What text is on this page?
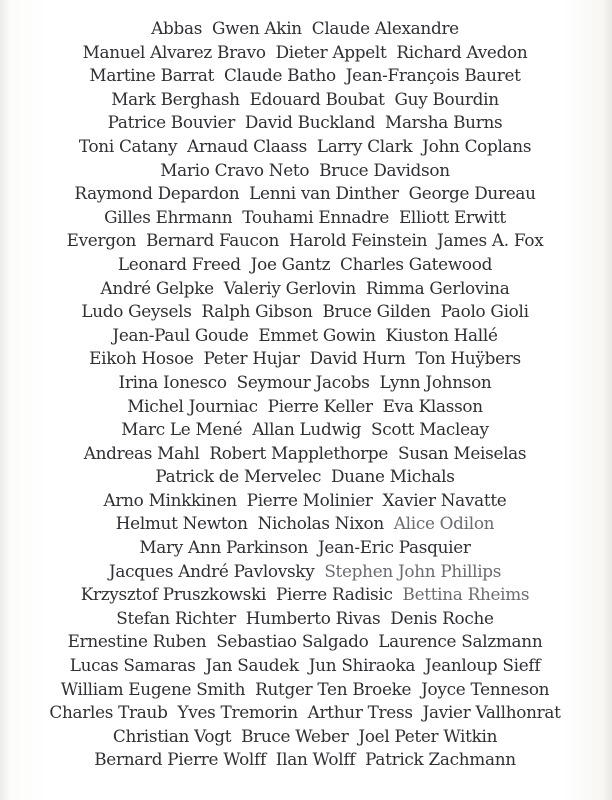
Abbas Gwen Akin Claude Alexandre
Manuel Alvarez Bravo Dieter Appelt Richard Avedon
Martine Barrat Claude Batho Jean-François Bauret
Mark Berghash Edouard Boubat Guy Bourdin
Patrice Bouvier David Buckland Marsha Burns
Toni Catany Arnaud Claass Larry Clark John Coplans
Mario Cravo Neto Bruce Davidson
Raymond Depardon Lenni van Dinther George Dureau
Gilles Ehrmann Touhami Ennadre Elliott Erwitt
Evergon Bernard Faucon Harold Feinstein James A. Fox
Leonard Freed Joe Gantz Charles Gatewood
André Gelpke Valeriy Gerlovin Rimma Gerlovina
Ludo Geysels Ralph Gibson Bruce Gilden Paolo Gioli
Jean-Paul Goude Emmet Gowin Kiuston Hallé
Eikoh Hosoe Peter Hujar David Hurn Ton Huÿbers
Irina Ionesco Seymour Jacobs Lynn Johnson
Michel Journiac Pierre Keller Eva Klasson
Marc Le Mené Allan Ludwig Scott Macleay
Andreas Mahl Robert Mapplethorpe Susan Meiselas
Patrick de Mervelec Duane Michals
Arno Minkkinen Pierre Molinier Xavier Navatte
Helmut Newton Nicholas Nixon Alice Odilon
Mary Ann Parkinson Jean-Eric Pasquier
Jacques André Pavlovsky Stephen John Phillips
Krzysztof Pruszkowski Pierre Radisic Bettina Rheims
Stefan Richter Humberto Rivas Denis Roche
Ernestine Ruben Sebastiao Salgado Laurence Salzmann
Lucas Samaras Jan Saudek Jun Shiraoka Jeanloup Sieff
William Eugene Smith Rutger Ten Broeke Joyce Tenneson
Charles Traub Yves Tremorin Arthur Tress Javier Vallhonrat
Christian Vogt Bruce Weber Joel Peter Witkin
Bernard Pierre Wolff Ilan Wolff Patrick Zachmann
